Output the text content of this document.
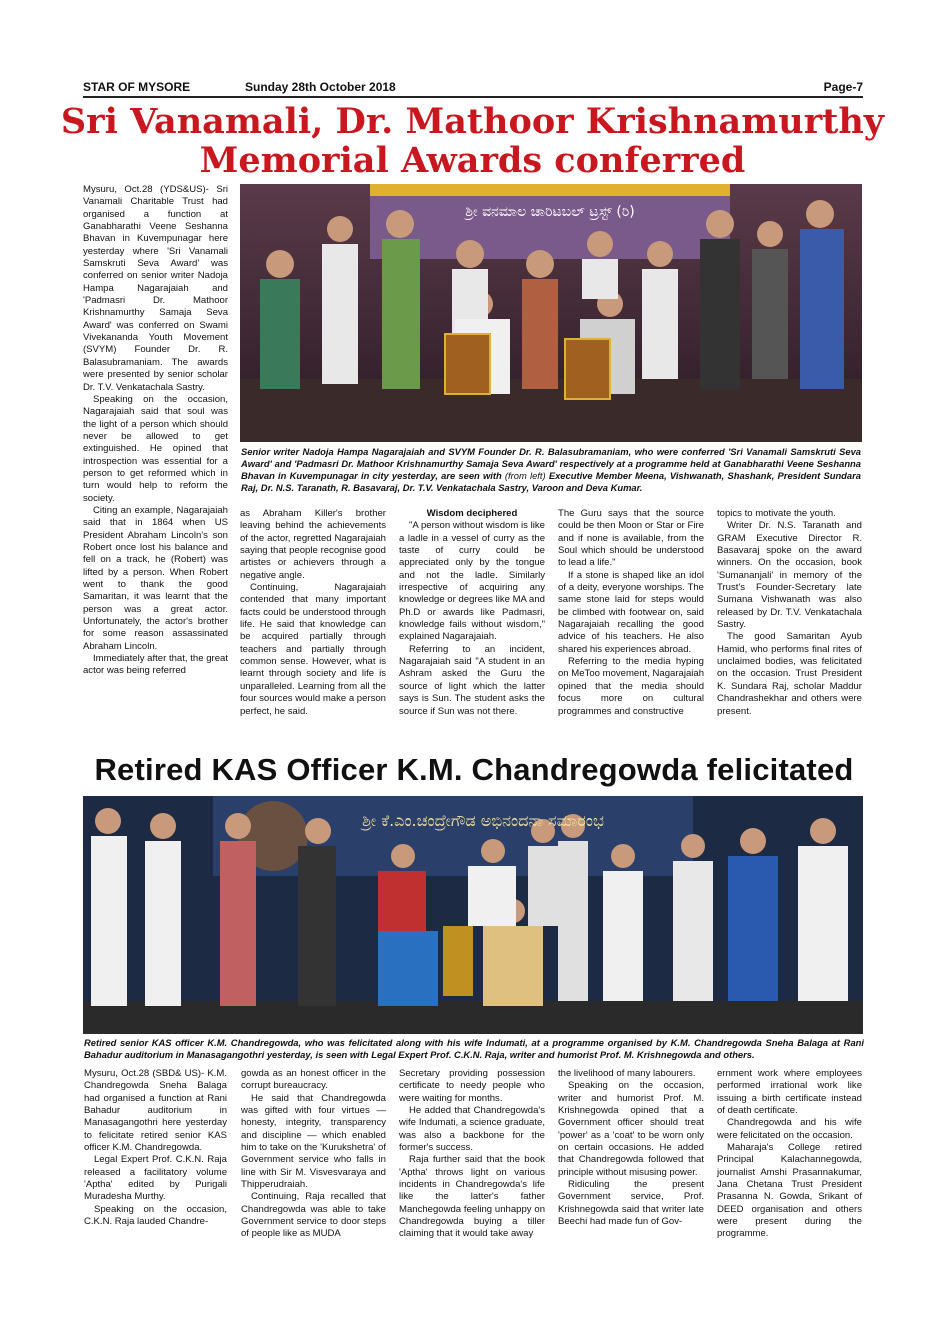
STAR OF MYSORE	Sunday 28th October 2018	Page-7
Sri Vanamali, Dr. Mathoor Krishnamurthy
Memorial Awards conferred

Mysuru, Oct.28 (YDS&US)- Sri Vanamali Charitable Trust had organised a function at Ganabharathi Veene Seshanna Bhavan in Kuvempunagar here yesterday where 'Sri Vanamali Samskruti Seva Award' was conferred on senior writer Nadoja Hampa Nagarajaiah and 'Padmasri Dr. Mathoor Krishnamurthy Samaja Seva Award' was conferred on Swami Vivekananda Youth Movement (SVYM) Founder Dr. R. Balasubramaniam. The awards were presented by senior scholar Dr. T.V. Venkatachala Sastry.

Speaking on the occasion, Nagarajaiah said that soul was the light of a person which should never be allowed to get extinguished. He opined that introspection was essential for a person to get reformed which in turn would help to reform the society.

Citing an example, Nagarajaiah said that in 1864 when US President Abraham Lincoln's son Robert once lost his balance and fell on a track, he (Robert) was lifted by a person. When Robert went to thank the good Samaritan, it was learnt that the person was a great actor. Unfortunately, the actor's brother for some reason assassinated Abraham Lincoln.

Immediately after that, the great actor was being referred

ಶ್ರೀ ವನಮಾಲ ಚಾರಿಟಬಲ್ ಟ್ರಸ್ಟ್ (ರಿ)
Senior writer Nadoja Hampa Nagarajaiah and SVYM Founder Dr. R. Balasubramaniam, who were conferred 'Sri Vanamali Samskruti Seva Award' and 'Padmasri Dr. Mathoor Krishnamurthy Samaja Seva Award' respectively at a programme held at Ganabharathi Veene Seshanna Bhavan in Kuvempunagar in city yesterday, are seen with (from left) Executive Member Meena, Vishwanath, Shashank, President Sundara Raj, Dr. N.S. Taranath, R. Basavaraj, Dr. T.V. Venkatachala Sastry, Varoon and Deva Kumar.

as Abraham Killer's brother leaving behind the achievements of the actor, regretted Nagarajaiah saying that people recognise good artistes or achievers through a negative angle.

Continuing, Nagarajaiah contended that many important facts could be understood through life. He said that knowledge can be acquired partially through teachers and partially through common sense. However, what is learnt through society and life is unparalleled. Learning from all the four sources would make a person perfect, he said.

Wisdom deciphered

"A person without wisdom is like a ladle in a vessel of curry as the taste of curry could be appreciated only by the tongue and not the ladle. Similarly irrespective of acquiring any knowledge or degrees like MA and Ph.D or awards like Padmasri, knowledge fails without wisdom," explained Nagarajaiah.

Referring to an incident, Nagarajaiah said "A student in an Ashram asked the Guru the source of light which the latter says is Sun. The student asks the source if Sun was not there.

The Guru says that the source could be then Moon or Star or Fire and if none is available, from the Soul which should be understood to lead a life."

If a stone is shaped like an idol of a deity, everyone worships. The same stone laid for steps would be climbed with footwear on, said Nagarajaiah recalling the good advice of his teachers. He also shared his experiences abroad.

Referring to the media hyping on MeToo movement, Nagarajaiah opined that the media should focus more on cultural programmes and constructive

topics to motivate the youth.

Writer Dr. N.S. Taranath and GRAM Executive Director R. Basavaraj spoke on the award winners. On the occasion, book 'Sumananjali' in memory of the Trust's Founder-Secretary late Sumana Vishwanath was also released by Dr. T.V. Venkatachala Sastry.

The good Samaritan Ayub Hamid, who performs final rites of unclaimed bodies, was felicitated on the occasion. Trust President K. Sundara Raj, scholar Maddur Chandrashekhar and others were present.

Retired KAS Officer K.M. Chandregowda felicitated
ಶ್ರೀ ಕೆ.ಎಂ.ಚಂದ್ರೇಗೌಡ ಅಭಿನಂದನಾ ಸಮಾರಂಭ
Retired senior KAS officer K.M. Chandregowda, who was felicitated along with his wife Indumati, at a programme organised by K.M. Chandregowda Sneha Balaga at Rani Bahadur auditorium in Manasagangothri yesterday, is seen with Legal Expert Prof. C.K.N. Raja, writer and humorist Prof. M. Krishnegowda and others.

Mysuru, Oct.28 (SBD& US)- K.M. Chandregowda Sneha Balaga had organised a function at Rani Bahadur auditorium in Manasagangothri here yesterday to felicitate retired senior KAS officer K.M. Chandregowda.

Legal Expert Prof. C.K.N. Raja released a facilitatory volume 'Aptha' edited by Purigali Muradesha Murthy.

Speaking on the occasion, C.K.N. Raja lauded Chandre-

gowda as an honest officer in the corrupt bureaucracy.

He said that Chandregowda was gifted with four virtues — honesty, integrity, transparency and discipline — which enabled him to take on the 'Kurukshetra' of Government service who falls in line with Sir M. Visvesvaraya and Thipperudraiah.

Continuing, Raja recalled that Chandregowda was able to take Government service to door steps of people like as MUDA

Secretary providing possession certificate to needy people who were waiting for months.

He added that Chandregowda's wife Indumati, a science graduate, was also a backbone for the former's success.

Raja further said that the book 'Aptha' throws light on various incidents in Chandregowda's life like the latter's father Manchegowda feeling unhappy on Chandregowda buying a tiller claiming that it would take away

the livelihood of many labourers.

Speaking on the occasion, writer and humorist Prof. M. Krishnegowda opined that a Government officer should treat 'power' as a 'coat' to be worn only on certain occasions. He added that Chandregowda followed that principle without misusing power.

Ridiculing the present Government service, Prof. Krishnegowda said that writer late Beechi had made fun of Gov-

ernment work where employees performed irrational work like issuing a birth certificate instead of death certificate.

Chandregowda and his wife were felicitated on the occasion.

Maharaja's College retired Principal Kalachannegowda, journalist Amshi Prasannakumar, Jana Chetana Trust President Prasanna N. Gowda, Srikant of DEED organisation and others were present during the programme.
